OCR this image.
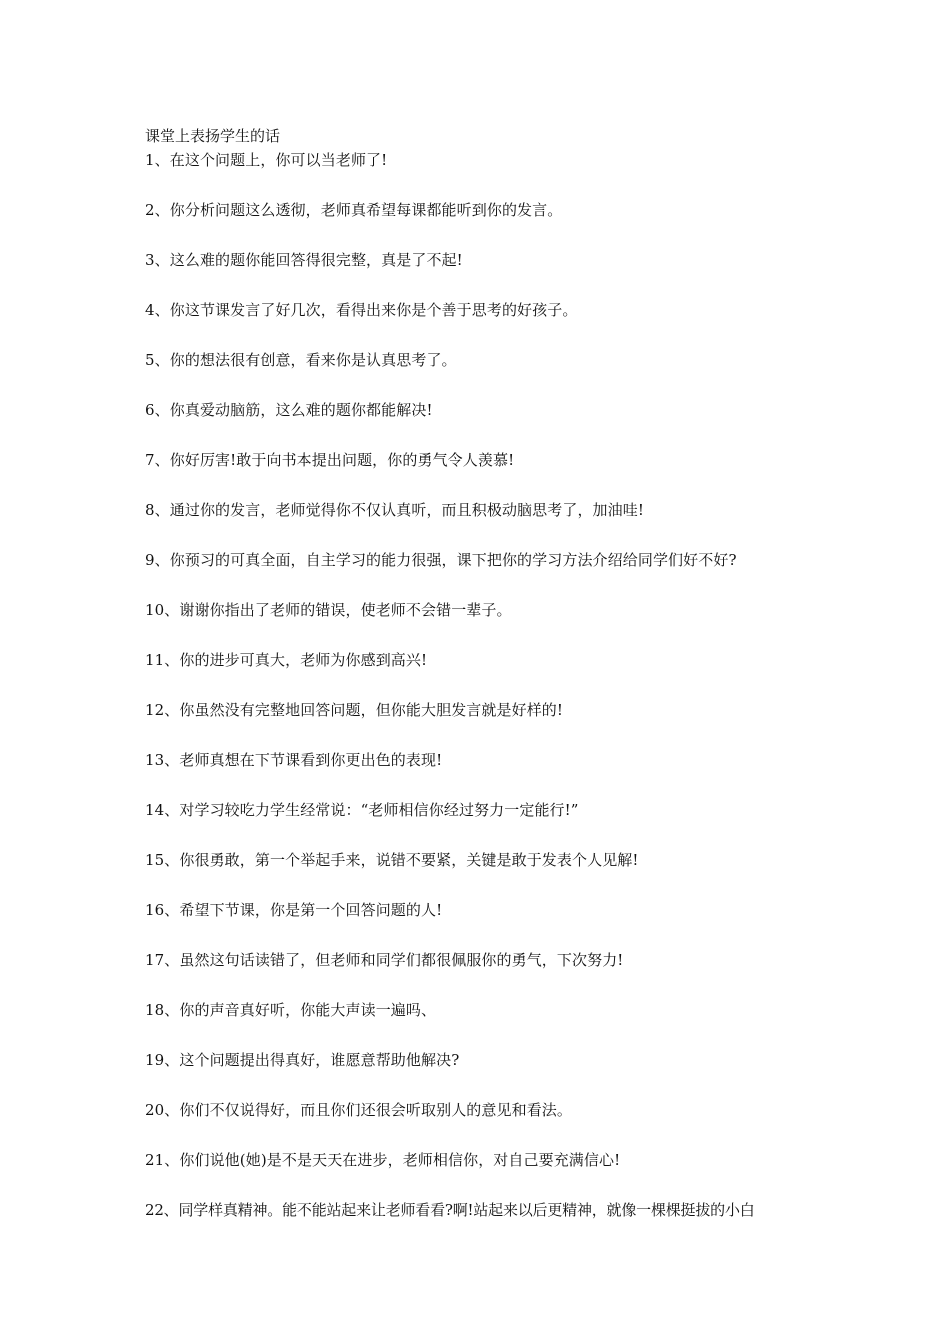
课堂上表扬学生的话
1、在这个问题上，你可以当老师了!
2、你分析问题这么透彻，老师真希望每课都能听到你的发言。
3、这么难的题你能回答得很完整，真是了不起!
4、你这节课发言了好几次，看得出来你是个善于思考的好孩子。
5、你的想法很有创意，看来你是认真思考了。
6、你真爱动脑筋，这么难的题你都能解决!
7、你好厉害!敢于向书本提出问题，你的勇气令人羡慕!
8、通过你的发言，老师觉得你不仅认真听，而且积极动脑思考了，加油哇!
9、你预习的可真全面，自主学习的能力很强，课下把你的学习方法介绍给同学们好不好?
10、谢谢你指出了老师的错误，使老师不会错一辈子。
11、你的进步可真大，老师为你感到高兴!
12、你虽然没有完整地回答问题，但你能大胆发言就是好样的!
13、老师真想在下节课看到你更出色的表现!
14、对学习较吃力学生经常说：“老师相信你经过努力一定能行!”
15、你很勇敢，第一个举起手来，说错不要紧，关键是敢于发表个人见解!
16、希望下节课，你是第一个回答问题的人!
17、虽然这句话读错了，但老师和同学们都很佩服你的勇气，下次努力!
18、你的声音真好听，你能大声读一遍吗、
19、这个问题提出得真好，谁愿意帮助他解决?
20、你们不仅说得好，而且你们还很会听取别人的意见和看法。
21、你们说他(她)是不是天天在进步，老师相信你，对自己要充满信心!
22、同学样真精神。能不能站起来让老师看看?啊!站起来以后更精神，就像一棵棵挺拔的小白
